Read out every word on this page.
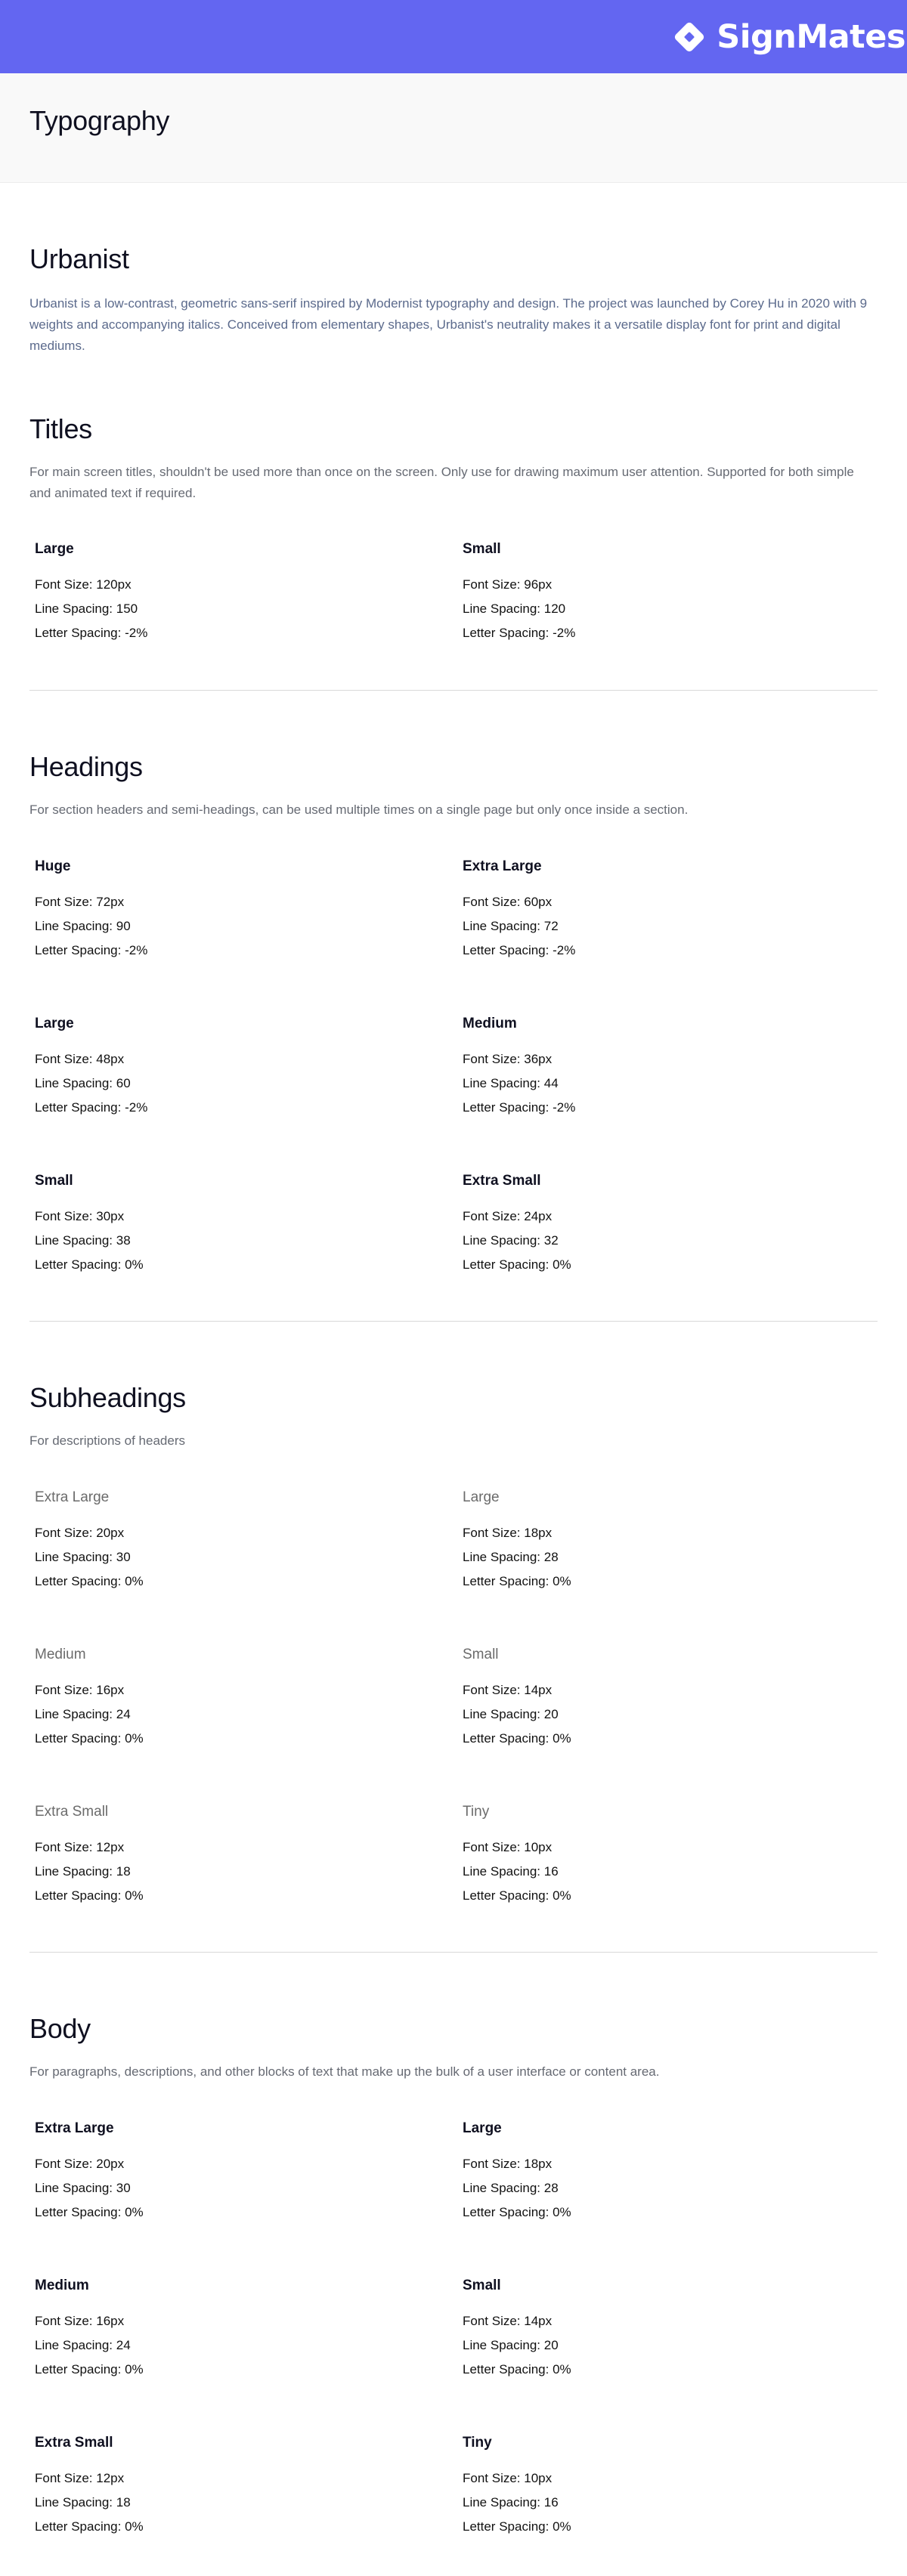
SignMates
Typography
Urbanist

Urbanist is a low-contrast, geometric sans-serif inspired by Modernist typography and design. The project was launched by Corey Hu in 2020 with 9 weights and accompanying italics. Conceived from elementary shapes, Urbanist's neutrality makes it a versatile display font for print and digital mediums.

Titles

For main screen titles, shouldn't be used more than once on the screen. Only use for drawing maximum user attention. Supported for both simple and animated text if required.

Large
Font Size: 120px
Line Spacing: 150
Letter Spacing: -2%
Small
Font Size: 96px
Line Spacing: 120
Letter Spacing: -2%
Headings

For section headers and semi-headings, can be used multiple times on a single page but only once inside a section.

Huge
Font Size: 72px
Line Spacing: 90
Letter Spacing: -2%
Extra Large
Font Size: 60px
Line Spacing: 72
Letter Spacing: -2%
Large
Font Size: 48px
Line Spacing: 60
Letter Spacing: -2%
Medium
Font Size: 36px
Line Spacing: 44
Letter Spacing: -2%
Small
Font Size: 30px
Line Spacing: 38
Letter Spacing: 0%
Extra Small
Font Size: 24px
Line Spacing: 32
Letter Spacing: 0%
Subheadings

For descriptions of headers

Extra Large
Font Size: 20px
Line Spacing: 30
Letter Spacing: 0%
Large
Font Size: 18px
Line Spacing: 28
Letter Spacing: 0%
Medium
Font Size: 16px
Line Spacing: 24
Letter Spacing: 0%
Small
Font Size: 14px
Line Spacing: 20
Letter Spacing: 0%
Extra Small
Font Size: 12px
Line Spacing: 18
Letter Spacing: 0%
Tiny
Font Size: 10px
Line Spacing: 16
Letter Spacing: 0%
Body

For paragraphs, descriptions, and other blocks of text that make up the bulk of a user interface or content area.

Extra Large
Font Size: 20px
Line Spacing: 30
Letter Spacing: 0%
Large
Font Size: 18px
Line Spacing: 28
Letter Spacing: 0%
Medium
Font Size: 16px
Line Spacing: 24
Letter Spacing: 0%
Small
Font Size: 14px
Line Spacing: 20
Letter Spacing: 0%
Extra Small
Font Size: 12px
Line Spacing: 18
Letter Spacing: 0%
Tiny
Font Size: 10px
Line Spacing: 16
Letter Spacing: 0%
